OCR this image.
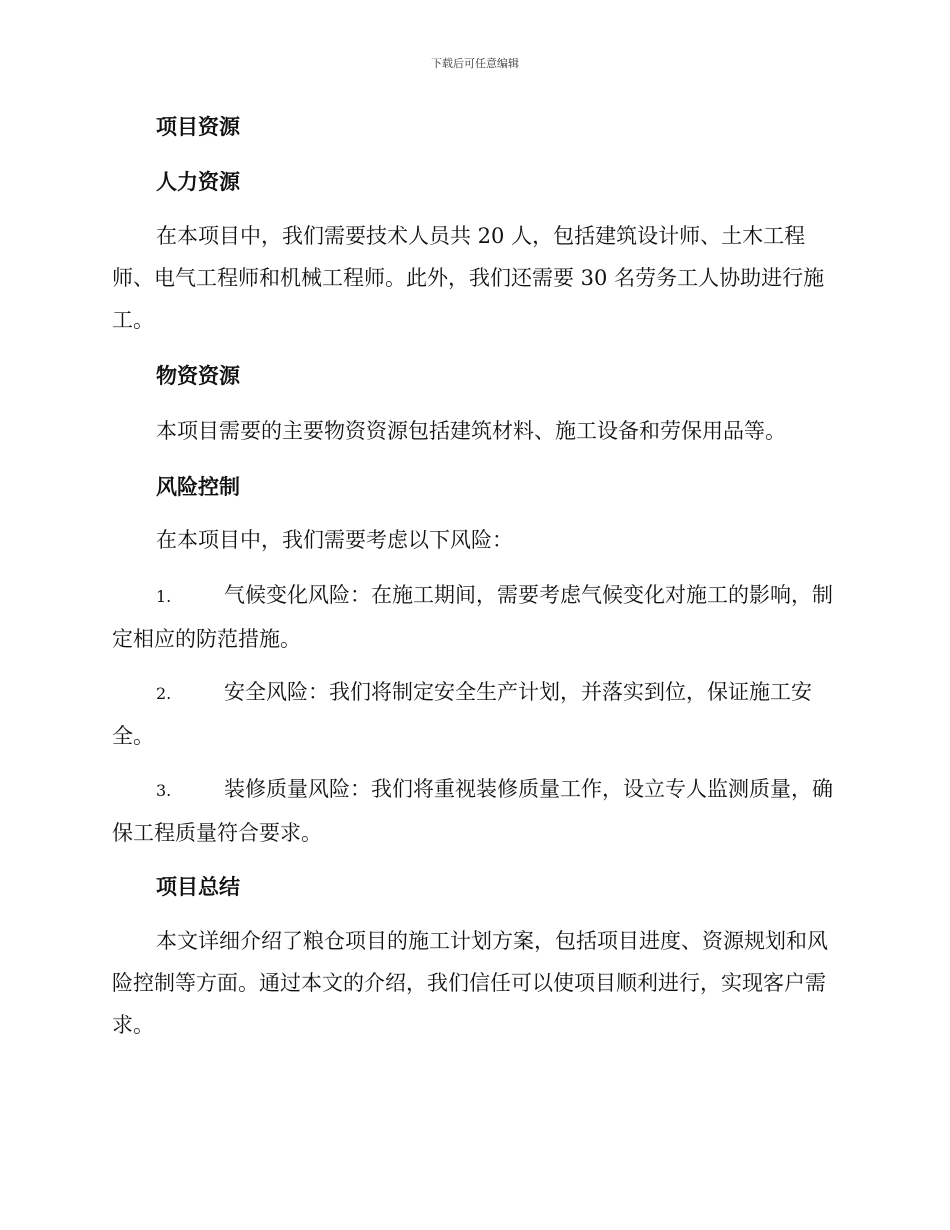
下载后可任意编辑
项目资源
人力资源
在本项目中，我们需要技术人员共 20 人，包括建筑设计师、土木工程师、电气工程师和机械工程师。此外，我们还需要 30 名劳务工人协助进行施工。
物资资源
本项目需要的主要物资资源包括建筑材料、施工设备和劳保用品等。
风险控制
在本项目中，我们需要考虑以下风险：
1.	气候变化风险：在施工期间，需要考虑气候变化对施工的影响，制定相应的防范措施。
2.	安全风险：我们将制定安全生产计划，并落实到位，保证施工安全。
3.	装修质量风险：我们将重视装修质量工作，设立专人监测质量，确保工程质量符合要求。
项目总结
本文详细介绍了粮仓项目的施工计划方案，包括项目进度、资源规划和风险控制等方面。通过本文的介绍，我们信任可以使项目顺利进行，实现客户需求。
